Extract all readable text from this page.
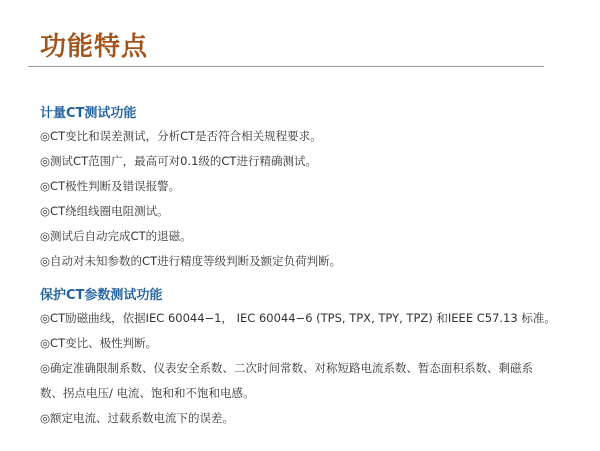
功能特点
计量CT测试功能
◎CT变比和误差测试，分析CT是否符合相关规程要求。
◎测试CT范围广，最高可对0.1级的CT进行精确测试。
◎CT极性判断及错误报警。
◎CT绕组线圈电阻测试。
◎测试后自动完成CT的退磁。
◎自动对未知参数的CT进行精度等级判断及额定负荷判断。
保护CT参数测试功能
◎CT励磁曲线，依据IEC 60044−1， IEC 60044−6 (TPS, TPX, TPY, TPZ) 和IEEE C57.13 标准。
◎CT变比、极性判断。
◎确定准确限制系数、仪表安全系数、二次时间常数、对称短路电流系数、暂态面积系数、剩磁系数、拐点电压/ 电流、饱和和不饱和电感。
◎额定电流、过载系数电流下的误差。
